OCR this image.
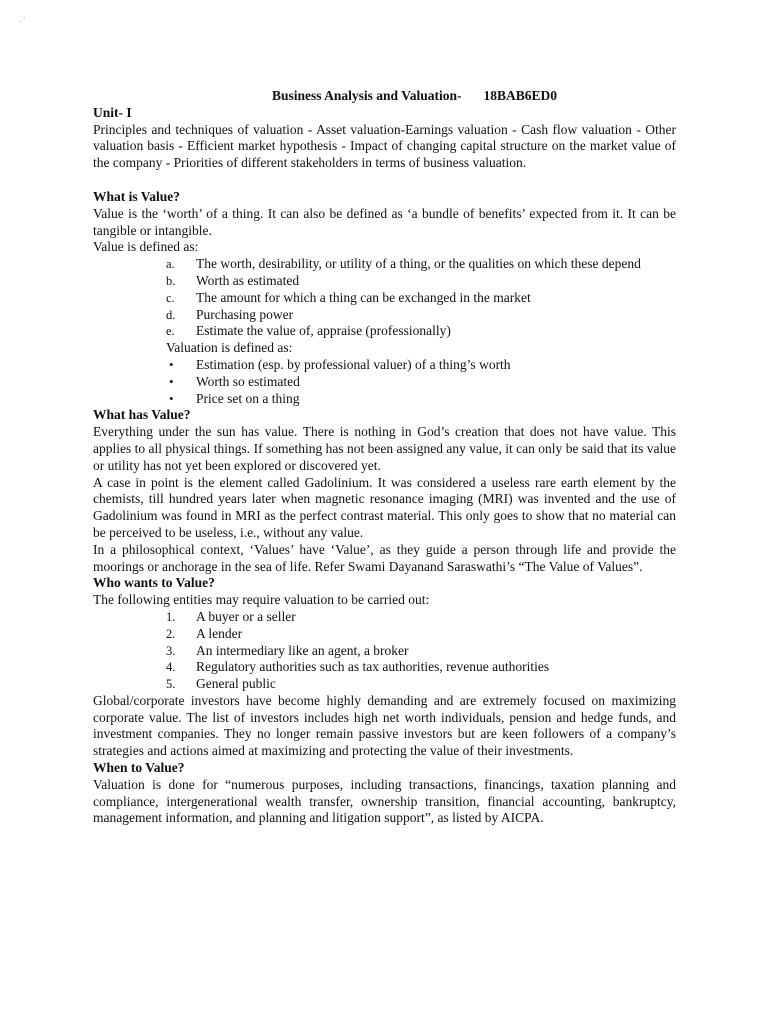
. '

Business Analysis and Valuation- 18BAB6ED0

Unit- I

Principles and techniques of valuation - Asset valuation-Earnings valuation - Cash flow valuation - Other valuation basis - Efficient market hypothesis - Impact of changing capital structure on the market value of the company - Priorities of different stakeholders in terms of business valuation.

What is Value?

Value is the ‘worth’ of a thing. It can also be defined as ‘a bundle of benefits’ expected from it. It can be tangible or intangible.

Value is defined as:

a.	The worth, desirability, or utility of a thing, or the qualities on which these depend
b.	Worth as estimated
c.	The amount for which a thing can be exchanged in the market
d.	Purchasing power
e.	Estimate the value of, appraise (professionally)

Valuation is defined as:

•	Estimation (esp. by professional valuer) of a thing’s worth
•	Worth so estimated
•	Price set on a thing

What has Value?

Everything under the sun has value. There is nothing in God’s creation that does not have value. This applies to all physical things. If something has not been assigned any value, it can only be said that its value or utility has not yet been explored or discovered yet.

A case in point is the element called Gadolinium. It was considered a useless rare earth element by the chemists, till hundred years later when magnetic resonance imaging (MRI) was invented and the use of Gadolinium was found in MRI as the perfect contrast material. This only goes to show that no material can be perceived to be useless, i.e., without any value.

In a philosophical context, ‘Values’ have ‘Value’, as they guide a person through life and provide the moorings or anchorage in the sea of life. Refer Swami Dayanand Saraswathi’s “The Value of Values”.

Who wants to Value?

The following entities may require valuation to be carried out:

1.	A buyer or a seller
2.	A lender
3.	An intermediary like an agent, a broker
4.	Regulatory authorities such as tax authorities, revenue authorities
5.	General public

Global/corporate investors have become highly demanding and are extremely focused on maximizing corporate value. The list of investors includes high net worth individuals, pension and hedge funds, and investment companies. They no longer remain passive investors but are keen followers of a company’s strategies and actions aimed at maximizing and protecting the value of their investments.

When to Value?

Valuation is done for “numerous purposes, including transactions, financings, taxation planning and compliance, intergenerational wealth transfer, ownership transition, financial accounting, bankruptcy, management information, and planning and litigation support”, as listed by AICPA.
